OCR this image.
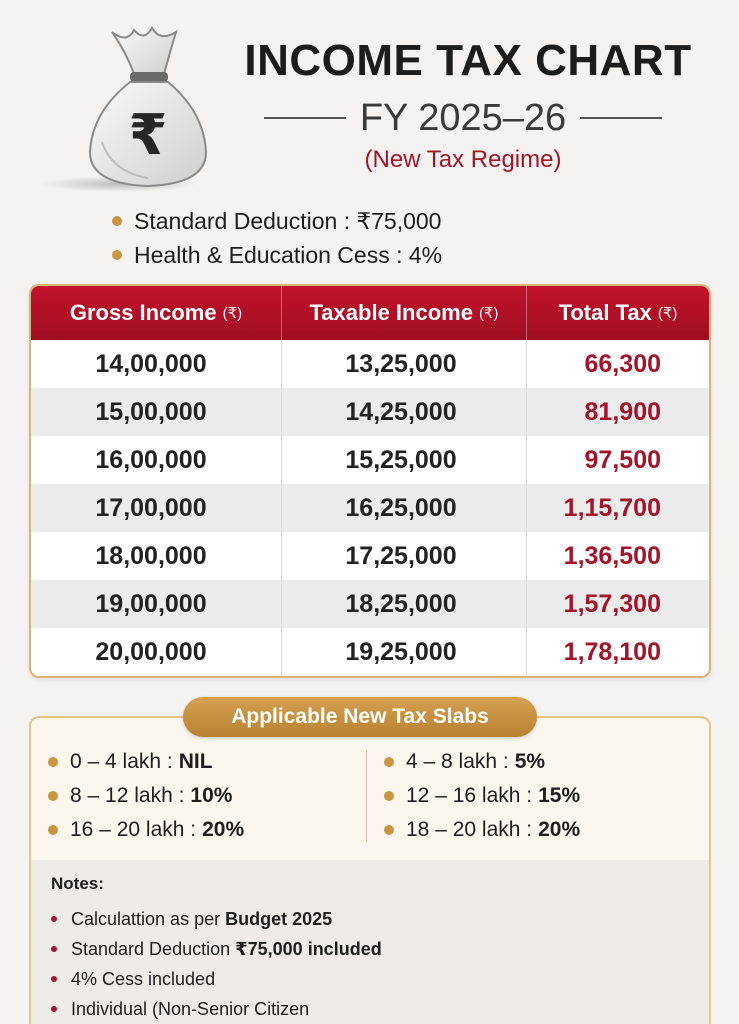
₹
INCOME TAX CHART
FY 2025–26
(New Tax Regime)
Standard Deduction : ₹75,000
Health & Education Cess : 4%
Gross Income (₹)	Taxable Income (₹)	Total Tax (₹)
14,00,000	13,25,000	66,300
15,00,000	14,25,000	81,900
16,00,000	15,25,000	97,500
17,00,000	16,25,000	1,15,700
18,00,000	17,25,000	1,36,500
19,00,000	18,25,000	1,57,300
20,00,000	19,25,000	1,78,100
Applicable New Tax Slabs
0 – 4 lakh : NIL
8 – 12 lakh : 10%
16 – 20 lakh : 20%
4 – 8 lakh : 5%
12 – 16 lakh : 15%
18 – 20 lakh : 20%
Notes:
Calculattion as per Budget 2025
Standard Deduction ₹75,000 included
4% Cess included
Individual (Non-Senior Citizen
